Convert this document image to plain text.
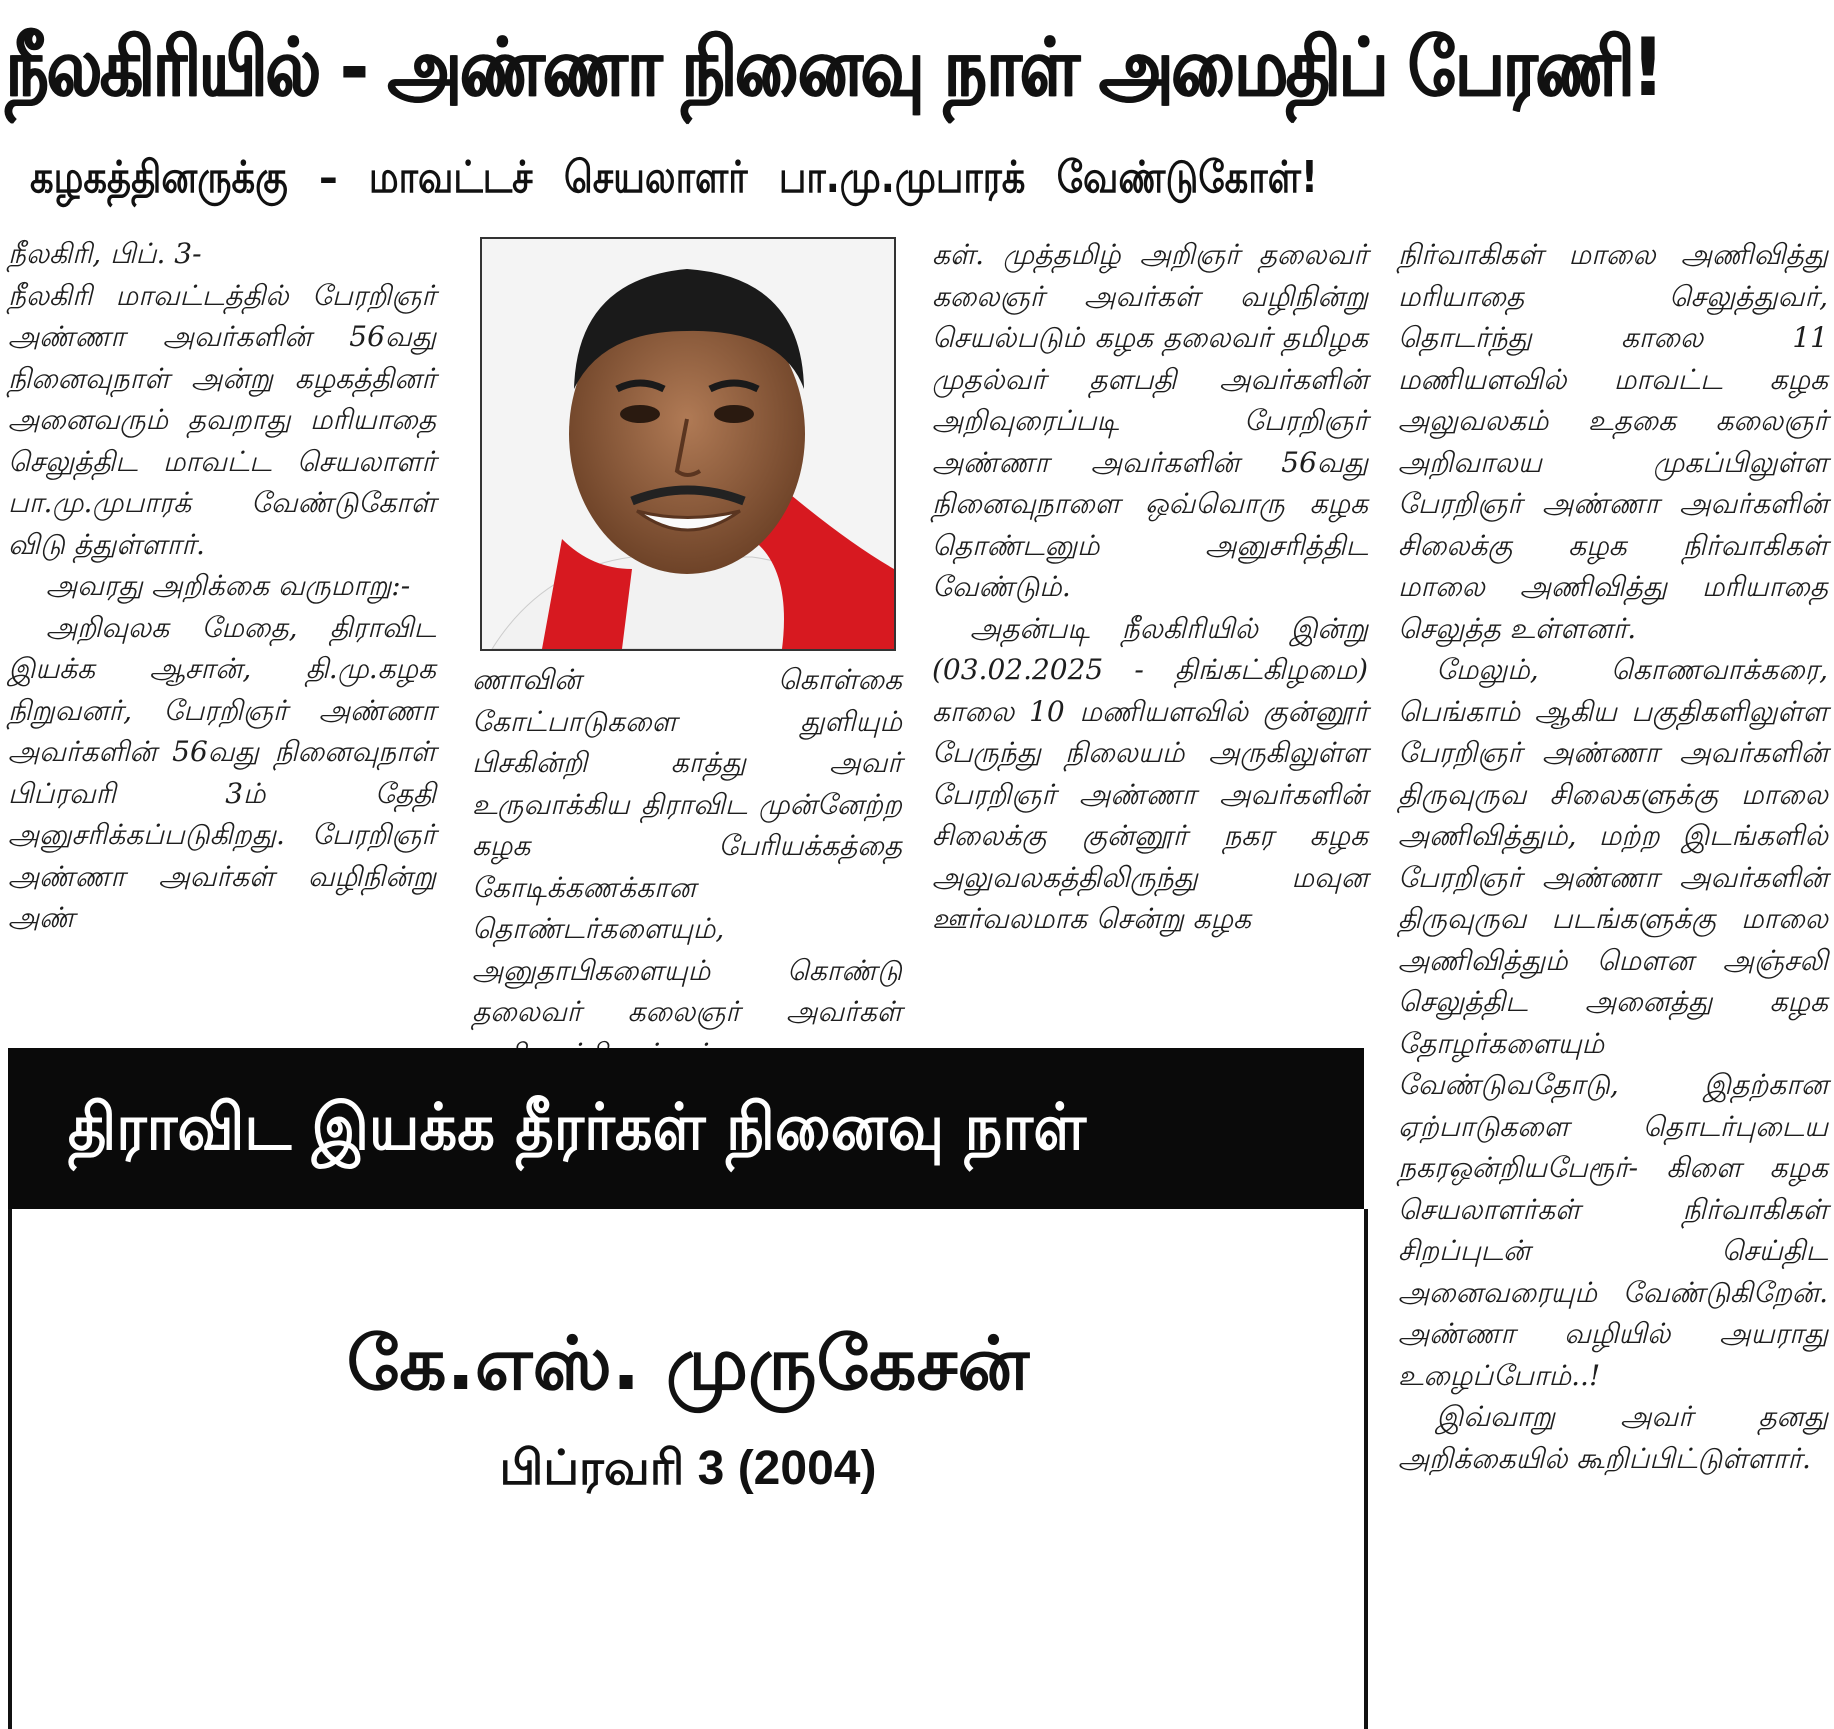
நீலகிரியில் - அண்ணா நினைவு நாள் அமைதிப் பேரணி!
கழகத்தினருக்கு – மாவட்டச் செயலாளர் பா.மு.முபாரக் வேண்டுகோள்!

நீலகிரி, பிப். 3-

நீலகிரி மாவட்டத்தில் பேரறிஞர் அண்ணா அவர்களின் 56வது நினைவுநாள் அன்று கழகத்தினர் அனைவரும் தவறாது மரியாதை செலுத்திட மாவட்ட செயலாளர் பா.மு.முபாரக் வேண்டுகோள் விடு த்துள்ளார்.

அவரது அறிக்கை வருமாறு:-

அறிவுலக மேதை, திராவிட இயக்க ஆசான், தி.மு.கழக நிறுவனர், பேரறிஞர் அண்ணா அவர்களின் 56வது நினைவுநாள் பிப்ரவரி 3ம் தேதி அனுசரிக்கப்படுகிறது. பேரறிஞர் அண்ணா அவர்கள் வழிநின்று அண்

ணாவின் கொள்கை கோட்பாடுகளை துளியும் பிசகின்றி காத்து அவர் உருவாக்கிய திராவிட முன்னேற்ற கழக பேரியக்கத்தை கோடிக்கணக்கான தொண்டர்களையும், அனுதாபிகளையும் கொண்டு தலைவர் கலைஞர் அவர்கள்

கள். முத்தமிழ் அறிஞர் தலைவர் கலைஞர் அவர்கள் வழிநின்று செயல்படும் கழக தலைவர் தமிழக முதல்வர் தளபதி அவர்களின் அறிவுரைப்படி பேரறிஞர் அண்ணா அவர்களின் 56வது நினைவுநாளை ஒவ்வொரு கழக தொண்டனும் அனுசரித்திட வேண்டும்.

அதன்படி நீலகிரியில் இன்று (03.02.2025 - திங்கட்கிழமை) காலை 10 மணியளவில் குன்னூர் பேருந்து நிலையம் அருகிலுள்ள பேரறிஞர் அண்ணா அவர்களின் சிலைக்கு குன்னூர் நகர கழக அலுவலகத்திலிருந்து மவுன ஊர்வலமாக சென்று கழக

நிர்வாகிகள் மாலை அணிவித்து மரியாதை செலுத்துவர், தொடர்ந்து காலை 11 மணியளவில் மாவட்ட கழக அலுவலகம் உதகை கலைஞர் அறிவாலய முகப்பிலுள்ள பேரறிஞர் அண்ணா அவர்களின் சிலைக்கு கழக நிர்வாகிகள் மாலை அணிவித்து மரியாதை செலுத்த உள்ளனர்.

மேலும், கொணவாக்கரை, பெங்காம் ஆகிய பகுதிகளிலுள்ள பேரறிஞர் அண்ணா அவர்களின் திருவுருவ சிலைகளுக்கு மாலை அணிவித்தும், மற்ற இடங்களில் பேரறிஞர் அண்ணா அவர்களின் திருவுருவ படங்களுக்கு மாலை அணிவித்தும் மௌன அஞ்சலி செலுத்திட அனைத்து கழக தோழர்களையும் வேண்டுவதோடு, இதற்கான ஏற்பாடுகளை தொடர்புடைய நகரஒன்றியபேரூர்- கிளை கழக செயலாளர்கள் நிர்வாகிகள் சிறப்புடன் செய்திட அனைவரையும் வேண்டுகிறேன். அண்ணா வழியில் அயராது உழைப்போம்..!

இவ்வாறு அவர் தனது அறிக்கையில் கூறிப்பிட்டுள்ளார்.

திராவிட இயக்க தீரர்கள் நினைவு நாள்
கே.எஸ். முருகேசன்
பிப்ரவரி 3 (2004)
